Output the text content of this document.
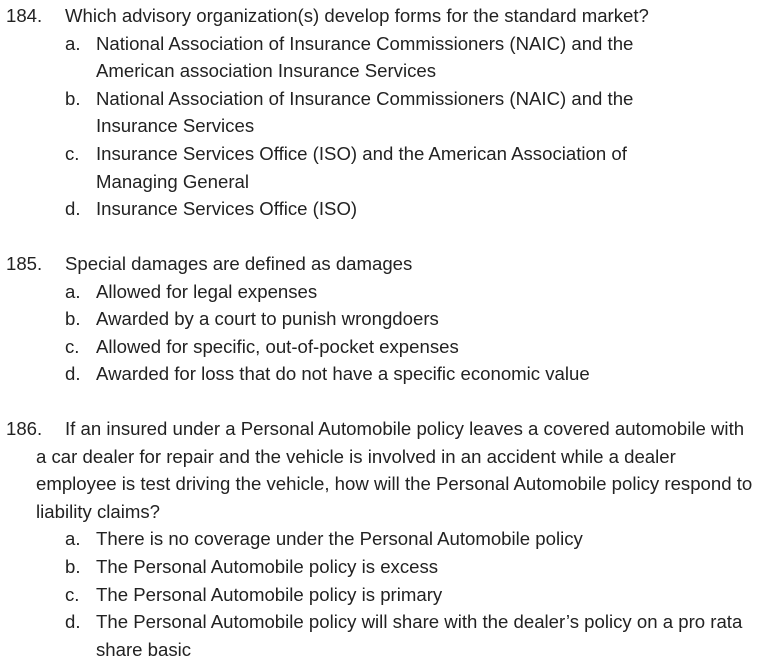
184. Which advisory organization(s) develop forms for the standard market?
a. National Association of Insurance Commissioners (NAIC) and the American association Insurance Services
b. National Association of Insurance Commissioners (NAIC) and the Insurance Services
c. Insurance Services Office (ISO) and the American Association of Managing General
d. Insurance Services Office (ISO)
185. Special damages are defined as damages
a. Allowed for legal expenses
b. Awarded by a court to punish wrongdoers
c. Allowed for specific, out-of-pocket expenses
d. Awarded for loss that do not have a specific economic value
186. If an insured under a Personal Automobile policy leaves a covered automobile with a car dealer for repair and the vehicle is involved in an accident while a dealer employee is test driving the vehicle, how will the Personal Automobile policy respond to liability claims?
a. There is no coverage under the Personal Automobile policy
b. The Personal Automobile policy is excess
c. The Personal Automobile policy is primary
d. The Personal Automobile policy will share with the dealer’s policy on a pro rata share basic
